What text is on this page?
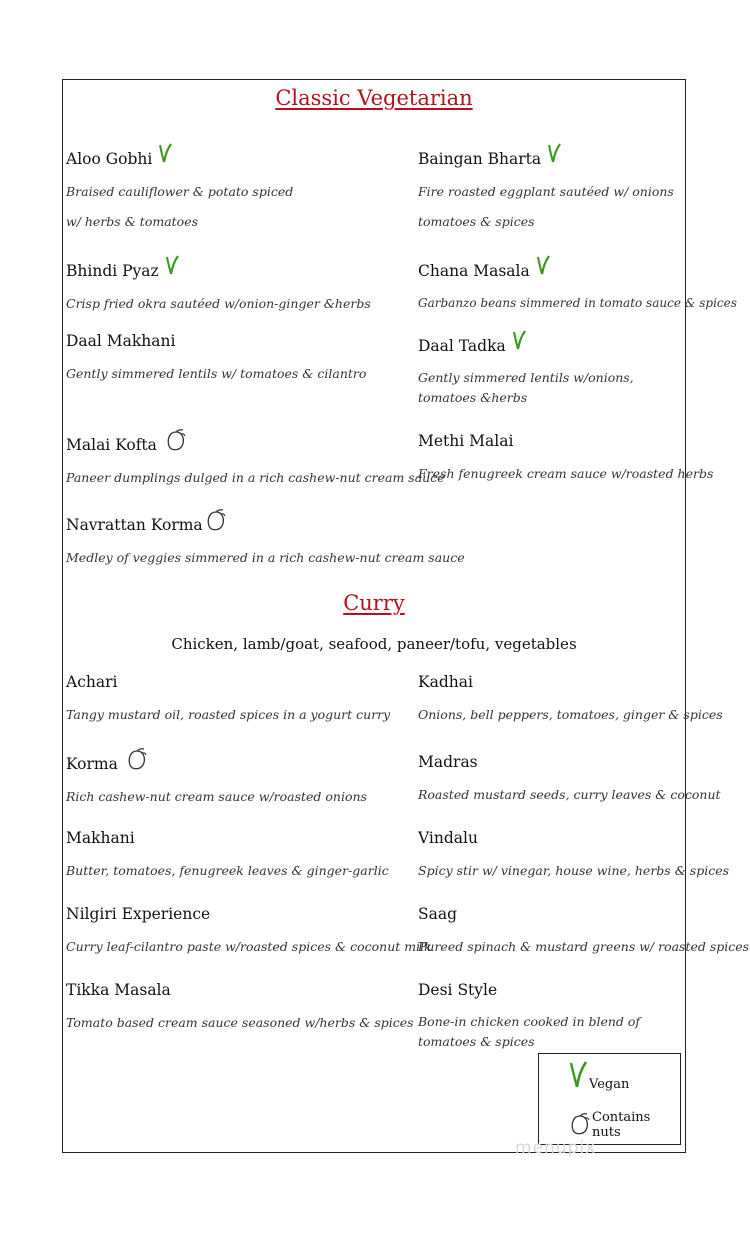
Classic Vegetarian
Aloo Gobhi
Braised cauliflower & potato spiced
w/ herbs & tomatoes
Baingan Bharta
Fire roasted eggplant sautéed w/ onions
tomatoes & spices
Bhindi Pyaz
Crisp fried okra sautéed w/onion-ginger &herbs
Chana Masala
Garbanzo beans simmered in tomato sauce & spices
Daal Makhani
Gently simmered lentils w/ tomatoes & cilantro
Daal Tadka
Gently simmered lentils w/onions, tomatoes &herbs
Malai Kofta
Paneer dumplings dulged in a rich cashew-nut cream sauce
Methi Malai
Fresh fenugreek cream sauce w/roasted herbs
Navrattan Korma
Medley of veggies simmered in a rich cashew-nut cream sauce
Curry
Chicken, lamb/goat, seafood, paneer/tofu, vegetables
Achari
Tangy mustard oil, roasted spices in a yogurt curry
Kadhai
Onions, bell peppers, tomatoes, ginger & spices
Korma
Rich cashew-nut cream sauce w/roasted onions
Madras
Roasted mustard seeds, curry leaves & coconut
Makhani
Butter, tomatoes, fenugreek leaves & ginger-garlic
Vindalu
Spicy stir w/ vinegar, house wine, herbs & spices
Nilgiri Experience
Curry leaf-cilantro paste w/roasted spices & coconut milk
Saag
Pureed spinach & mustard greens w/ roasted spices
Tikka Masala
Tomato based cream sauce seasoned w/herbs & spices
Desi Style
Bone-in chicken cooked in blend of tomatoes & spices
Vegan
Contains nuts
menupix
